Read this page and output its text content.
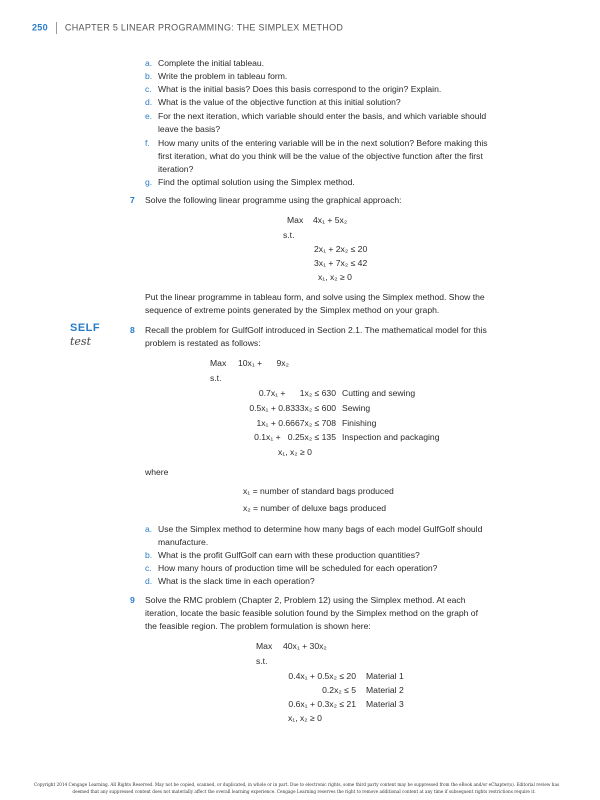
250 CHAPTER 5 LINEAR PROGRAMMING: THE SIMPLEX METHOD
a. Complete the initial tableau.
b. Write the problem in tableau form.
c. What is the initial basis? Does this basis correspond to the origin? Explain.
d. What is the value of the objective function at this initial solution?
e. For the next iteration, which variable should enter the basis, and which variable should
leave the basis?
f. How many units of the entering variable will be in the next solution? Before making this
first iteration, what do you think will be the value of the objective function after the first
iteration?
g. Find the optimal solution using the Simplex method.
7 Solve the following linear programme using the graphical approach:
Max 4x₁ + 5x₂
s.t.
2x₁ + 2x₂ ≤ 20
3x₁ + 7x₂ ≤ 42
x₁, x₂ ≥ 0
Put the linear programme in tableau form, and solve using the Simplex method. Show the
sequence of extreme points generated by the Simplex method on your graph.
SELF
test
8 Recall the problem for GulfGolf introduced in Section 2.1. The mathematical model for this
problem is restated as follows:
Max 10x₁ +      9x₂
s.t.
0.7x₁ +      1x₂ ≤ 630 Cutting and sewing
0.5x₁ + 0.8333x₂ ≤ 600 Sewing
1x₁ + 0.6667x₂ ≤ 708 Finishing
0.1x₁ +   0.25x₂ ≤ 135 Inspection and packaging
x₁, x₂ ≥ 0
where
x₁ = number of standard bags produced
x₂ = number of deluxe bags produced
a. Use the Simplex method to determine how many bags of each model GulfGolf should
manufacture.
b. What is the profit GulfGolf can earn with these production quantities?
c. How many hours of production time will be scheduled for each operation?
d. What is the slack time in each operation?
9 Solve the RMC problem (Chapter 2, Problem 12) using the Simplex method. At each
iteration, locate the basic feasible solution found by the Simplex method on the graph of
the feasible region. The problem formulation is shown here:
Max 40x₁ + 30x₂
s.t.
0.4x₁ + 0.5x₂ ≤ 20 Material 1
0.2x₂ ≤ 5 Material 2
0.6x₁ + 0.3x₂ ≤ 21 Material 3
x₁, x₂ ≥ 0
Copyright 2014 Cengage Learning. All Rights Reserved. May not be copied, scanned, or duplicated, in whole or in part. Due to electronic rights, some third party content may be suppressed from the eBook and/or eChapter(s). Editorial review has
deemed that any suppressed content does not materially affect the overall learning experience. Cengage Learning reserves the right to remove additional content at any time if subsequent rights restrictions require it.
